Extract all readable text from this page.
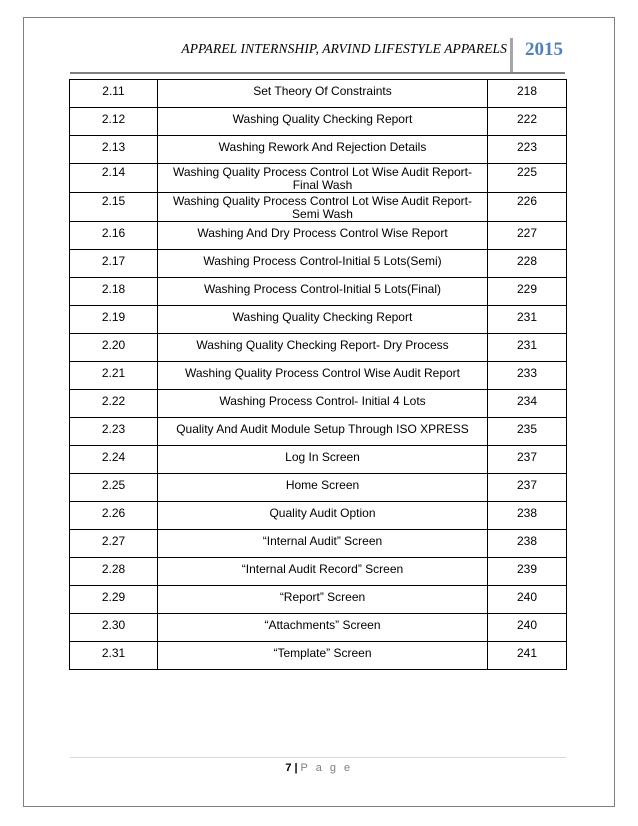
APPAREL INTERNSHIP, ARVIND LIFESTYLE APPARELS 2015
2.11	Set Theory Of Constraints	218
2.12	Washing Quality Checking Report	222
2.13	Washing Rework And Rejection Details	223
2.14	Washing Quality Process Control Lot Wise Audit Report-Final Wash	225
2.15	Washing Quality Process Control Lot Wise Audit Report-Semi Wash	226
2.16	Washing And Dry Process Control Wise Report	227
2.17	Washing Process Control-Initial 5 Lots(Semi)	228
2.18	Washing Process Control-Initial 5 Lots(Final)	229
2.19	Washing Quality Checking Report	231
2.20	Washing Quality Checking Report- Dry Process	231
2.21	Washing Quality Process Control Wise Audit Report	233
2.22	Washing Process Control- Initial 4 Lots	234
2.23	Quality And Audit Module Setup Through ISO XPRESS	235
2.24	Log In Screen	237
2.25	Home Screen	237
2.26	Quality Audit Option	238
2.27	“Internal Audit” Screen	238
2.28	“Internal Audit Record” Screen	239
2.29	“Report” Screen	240
2.30	“Attachments” Screen	240
2.31	“Template” Screen	241
7 | P a g e
